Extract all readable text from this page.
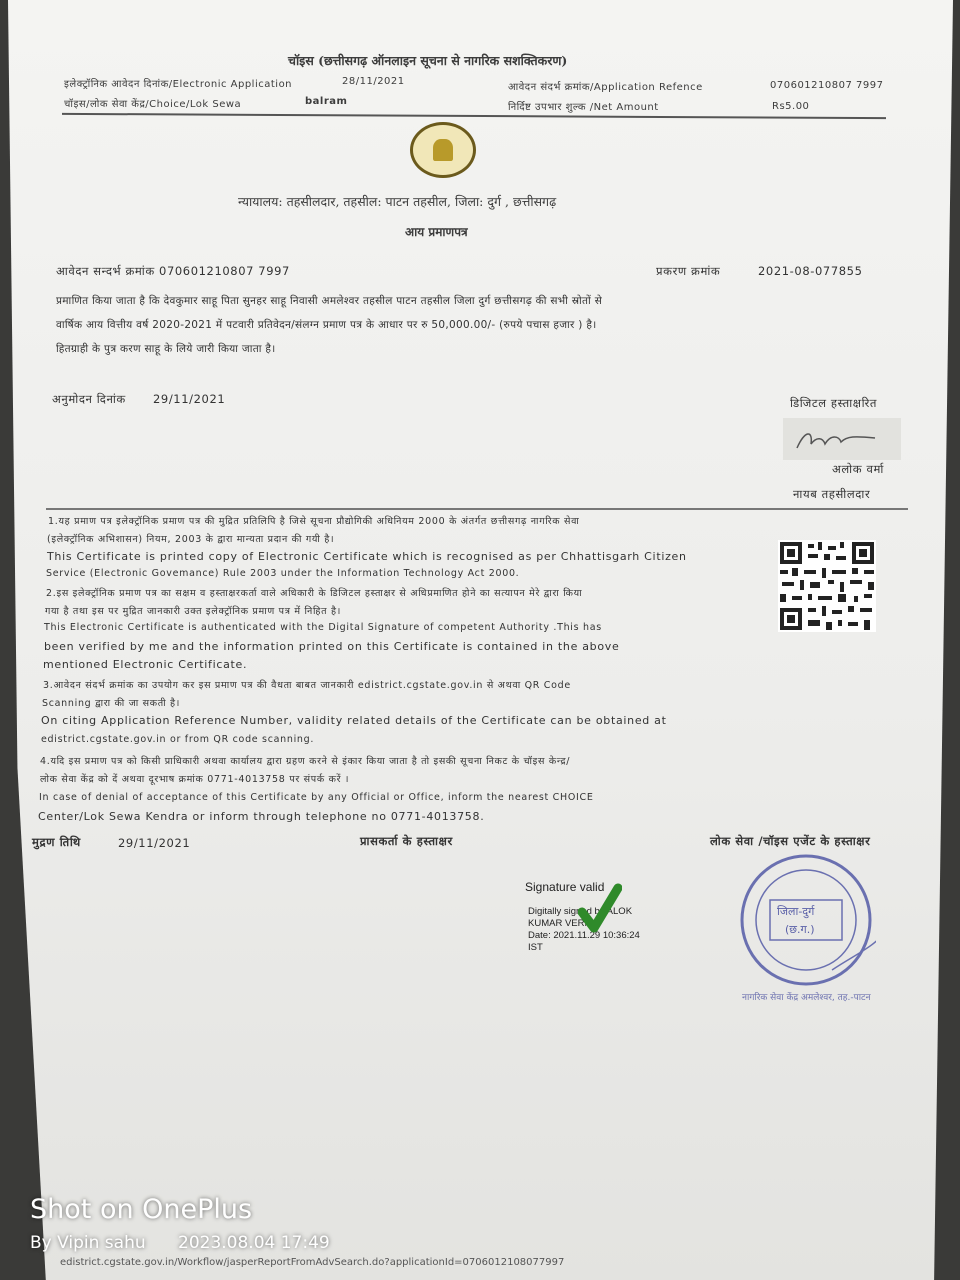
चॉइस (छत्तीसगढ़ ऑनलाइन सूचना से नागरिक सशक्तिकरण)
इलेक्ट्रॉनिक आवेदन दिनांक/Electronic Application	28/11/2021
आवेदन संदर्भ क्रमांक/Application Refence	070601210807 7997
चॉइस/लोक सेवा केंद्र/Choice/Lok Sewa	balram
निर्दिष्ट उपभार शुल्क /Net Amount	Rs5.00
न्यायालय: तहसीलदार, तहसील: पाटन तहसील, जिला: दुर्ग , छत्तीसगढ़
आय प्रमाणपत्र
आवेदन सन्दर्भ क्रमांक 070601210807 7997	प्रकरण क्रमांक	2021-08-077855
प्रमाणित किया जाता है कि देवकुमार साहू पिता सुनहर साहू निवासी अमलेश्वर तहसील पाटन तहसील जिला दुर्ग छत्तीसगढ़ की सभी स्रोतों से
वार्षिक आय वित्तीय वर्ष 2020-2021 में पटवारी प्रतिवेदन/संलग्न प्रमाण पत्र के आधार पर रु 50,000.00/- (रुपये पचास हजार ) है।
हितग्राही के पुत्र करण साहू के लिये जारी किया जाता है।
अनुमोदन दिनांक 29/11/2021	डिजिटल हस्ताक्षरित
अलोक वर्मा
नायब तहसीलदार
1.यह प्रमाण पत्र इलेक्ट्रॉनिक प्रमाण पत्र की मुद्रित प्रतिलिपि है जिसे सूचना प्रौद्योगिकी अधिनियम 2000 के अंतर्गत छत्तीसगढ़ नागरिक सेवा
(इलेक्ट्रॉनिक अभिशासन) नियम, 2003 के द्वारा मान्यता प्रदान की गयी है।
This Certificate is printed copy of Electronic Certificate which is recognised as per Chhattisgarh Citizen
Service (Electronic Govemance) Rule 2003 under the Information Technology Act 2000.
2.इस इलेक्ट्रॉनिक प्रमाण पत्र का सक्षम व हस्ताक्षरकर्ता वाले अधिकारी के डिजिटल हस्ताक्षर से अधिप्रमाणित होने का सत्यापन मेरे द्वारा किया
गया है तथा इस पर मुद्रित जानकारी उक्त इलेक्ट्रॉनिक प्रमाण पत्र में निहित है।
This Electronic Certificate is authenticated with the Digital Signature of competent Authority .This has
been verified by me and the information printed on this Certificate is contained in the above
mentioned Electronic Certificate.
3.आवेदन संदर्भ क्रमांक का उपयोग कर इस प्रमाण पत्र की वैधता बाबत जानकारी edistrict.cgstate.gov.in से अथवा QR Code
Scanning द्वारा की जा सकती है।
On citing Application Reference Number, validity related details of the Certificate can be obtained at
edistrict.cgstate.gov.in or from QR code scanning.
4.यदि इस प्रमाण पत्र को किसी प्राधिकारी अथवा कार्यालय द्वारा ग्रहण करने से इंकार किया जाता है तो इसकी सूचना निकट के चॉइस केन्द्र/
लोक सेवा केंद्र को दें अथवा दूरभाष क्रमांक 0771-4013758 पर संपर्क करें ।
In case of denial of acceptance of this Certificate by any Official or Office, inform the nearest CHOICE
Center/Lok Sewa Kendra or inform through telephone no 0771-4013758.
मुद्रण तिथि	29/11/2021	प्रासकर्ता के हस्ताक्षर	लोक सेवा /चॉइस एजेंट के हस्ताक्षर
Signature valid
Digitally signed by ALOK
KUMAR VERMA
Date: 2021.11.29 10:36:24
IST
जिला-दुर्ग
(छ.ग.)
नागरिक सेवा केंद्र अमलेश्वर, तह.-पाटन
edistrict.cgstate.gov.in/Workflow/jasperReportFromAdvSearch.do?applicationId=0706012108077997
Shot on OnePlus
By Vipin sahu 2023.08.04 17:49
